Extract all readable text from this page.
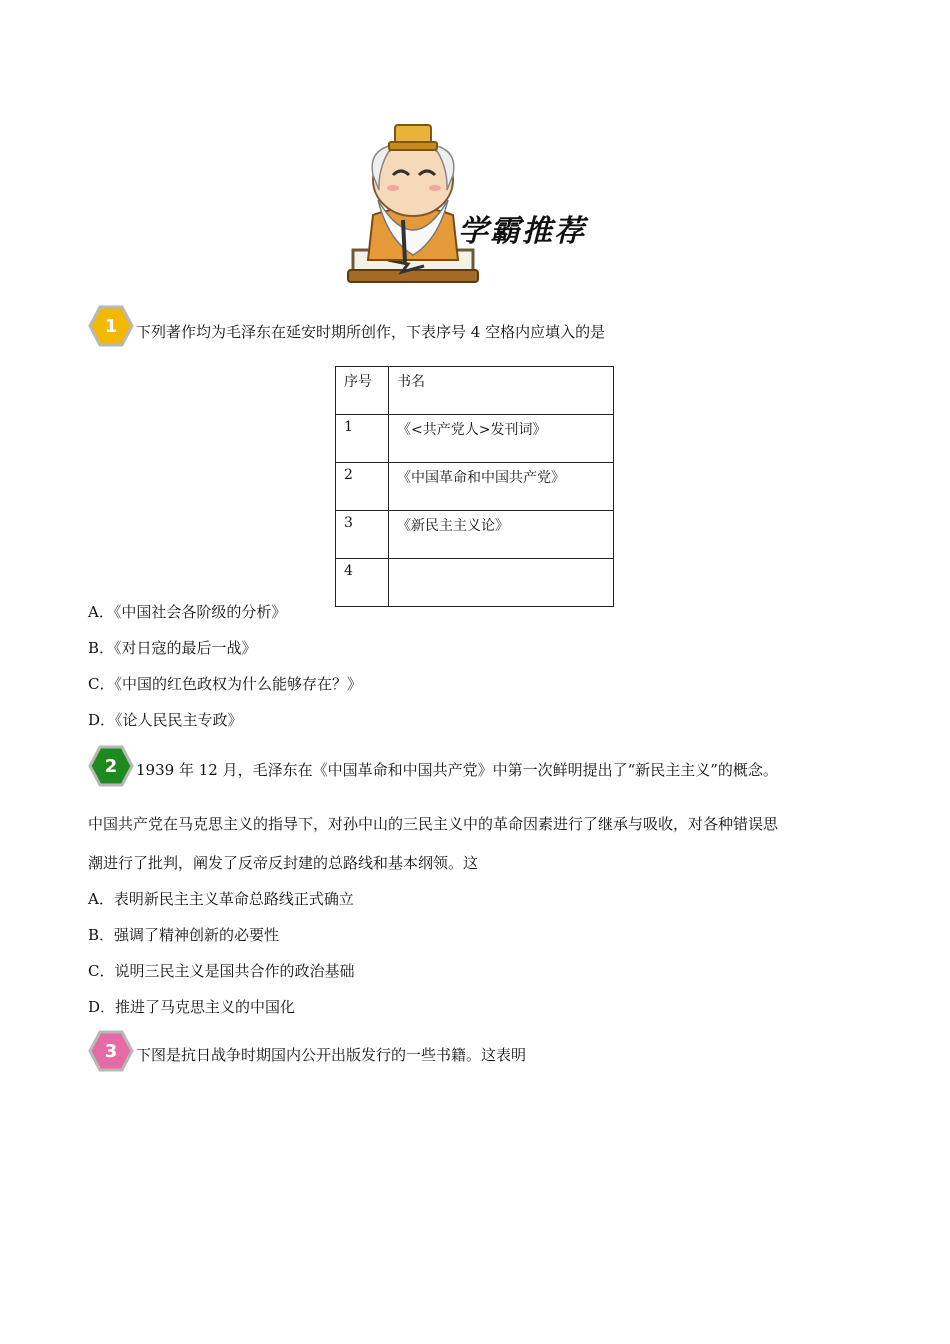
学霸推荐
1	下列著作均为毛泽东在延安时期所创作，下表序号 4 空格内应填入的是
序号	书名
1	《<共产党人>发刊词》
2	《中国革命和中国共产党》
3	《新民主主义论》
4	
A．《中国社会各阶级的分析》
B．《对日寇的最后一战》
C．《中国的红色政权为什么能够存在？》
D．《论人民民主专政》
2	1939 年 12 月，毛泽东在《中国革命和中国共产党》中第一次鲜明提出了“新民主主义”的概念。
中国共产党在马克思主义的指导下，对孙中山的三民主义中的革命因素进行了继承与吸收，对各种错误思
潮进行了批判，阐发了反帝反封建的总路线和基本纲领。这
A．表明新民主主义革命总路线正式确立
B．强调了精神创新的必要性
C．说明三民主义是国共合作的政治基础
D．推进了马克思主义的中国化
3	下图是抗日战争时期国内公开出版发行的一些书籍。这表明
